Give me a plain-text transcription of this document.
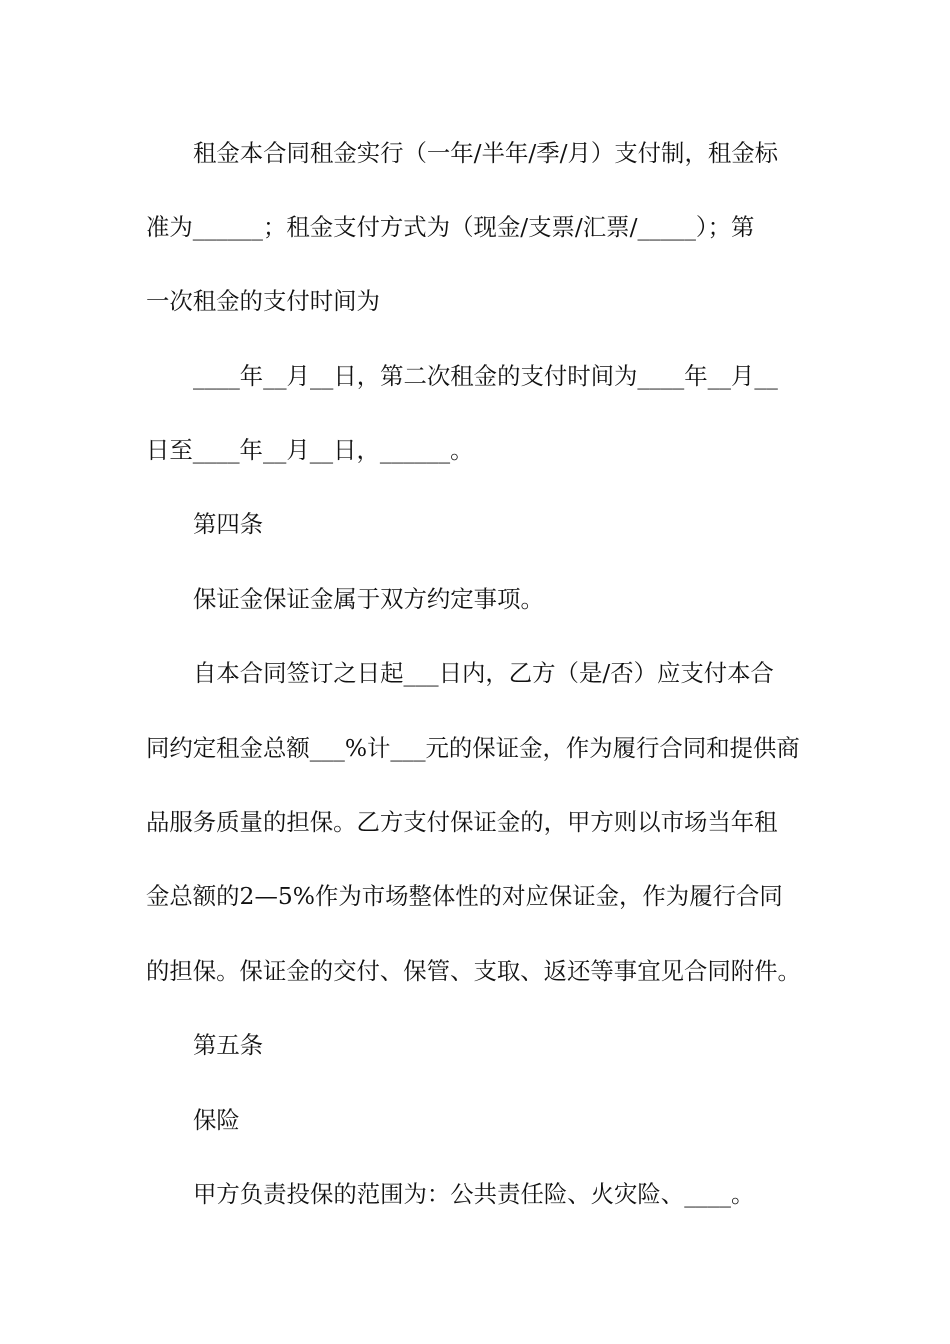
租金本合同租金实行（一年/半年/季/月）支付制，租金标

准为______；租金支付方式为（现金/支票/汇票/_____）；第

一次租金的支付时间为

____年__月__日，第二次租金的支付时间为____年__月__

日至____年__月__日，______。

第四条

保证金保证金属于双方约定事项。

自本合同签订之日起___日内，乙方（是/否）应支付本合

同约定租金总额___%计___元的保证金，作为履行合同和提供商

品服务质量的担保。乙方支付保证金的，甲方则以市场当年租

金总额的2—5%作为市场整体性的对应保证金，作为履行合同

的担保。保证金的交付、保管、支取、返还等事宜见合同附件。

第五条

保险

甲方负责投保的范围为：公共责任险、火灾险、____。
